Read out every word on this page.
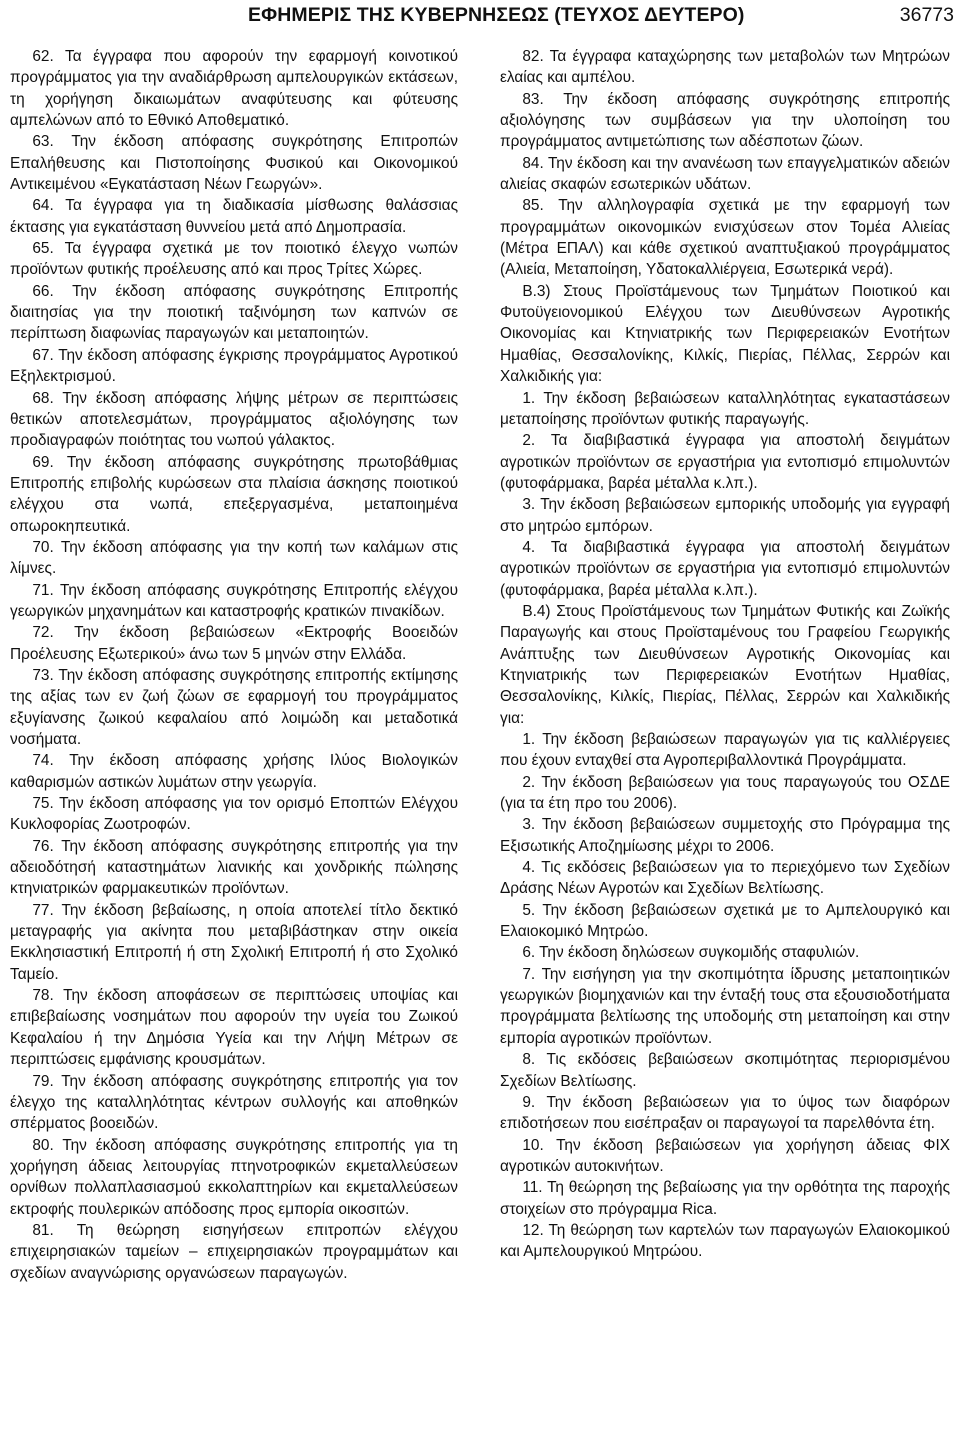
ΕΦΗΜΕΡΙΣ ΤΗΣ ΚΥΒΕΡΝΗΣΕΩΣ (ΤΕΥΧΟΣ ΔΕΥΤΕΡΟ)	36773

62. Τα έγγραφα που αφορούν την εφαρμογή κοινοτικού προγράμματος για την αναδιάρθρωση αμπελουργικών εκτάσεων, τη χορήγηση δικαιωμάτων αναφύτευσης και φύτευσης αμπελώνων από το Εθνικό Αποθεματικό.

63. Την έκδοση απόφασης συγκρότησης Επιτροπών Επαλήθευσης και Πιστοποίησης Φυσικού και Οικονομικού Αντικειμένου «Εγκατάσταση Νέων Γεωργών».

64. Τα έγγραφα για τη διαδικασία μίσθωσης θαλάσσιας έκτασης για εγκατάσταση θυννείου μετά από Δημοπρασία.

65. Τα έγγραφα σχετικά με τον ποιοτικό έλεγχο νωπών προϊόντων φυτικής προέλευσης από και προς Τρίτες Χώρες.

66. Την έκδοση απόφασης συγκρότησης Επιτροπής διαιτησίας για την ποιοτική ταξινόμηση των καπνών σε περίπτωση διαφωνίας παραγωγών και μεταποιητών.

67. Την έκδοση απόφασης έγκρισης προγράμματος Αγροτικού Εξηλεκτρισμού.

68. Την έκδοση απόφασης λήψης μέτρων σε περιπτώσεις θετικών αποτελεσμάτων, προγράμματος αξιολόγησης των προδιαγραφών ποιότητας του νωπού γάλακτος.

69. Την έκδοση απόφασης συγκρότησης πρωτοβάθμιας Επιτροπής επιβολής κυρώσεων στα πλαίσια άσκησης ποιοτικού ελέγχου στα νωπά, επεξεργασμένα, μεταποιημένα οπωροκηπευτικά.

70. Την έκδοση απόφασης για την κοπή των καλάμων στις λίμνες.

71. Την έκδοση απόφασης συγκρότησης Επιτροπής ελέγχου γεωργικών μηχανημάτων και καταστροφής κρατικών πινακίδων.

72. Την έκδοση βεβαιώσεων «Εκτροφής Βοοειδών Προέλευσης Εξωτερικού» άνω των 5 μηνών στην Ελλάδα.

73. Την έκδοση απόφασης συγκρότησης επιτροπής εκτίμησης της αξίας των εν ζωή ζώων σε εφαρμογή του προγράμματος εξυγίανσης ζωικού κεφαλαίου από λοιμώδη και μεταδοτικά νοσήματα.

74. Την έκδοση απόφασης χρήσης Ιλύος Βιολογικών καθαρισμών αστικών λυμάτων στην γεωργία.

75. Την έκδοση απόφασης για τον ορισμό Εποπτών Ελέγχου Κυκλοφορίας Ζωοτροφών.

76. Την έκδοση απόφασης συγκρότησης επιτροπής για την αδειοδότησή καταστημάτων λιανικής και χονδρικής πώλησης κτηνιατρικών φαρμακευτικών προϊόντων.

77. Την έκδοση βεβαίωσης, η οποία αποτελεί τίτλο δεκτικό μεταγραφής για ακίνητα που μεταβιβάστηκαν στην οικεία Εκκλησιαστική Επιτροπή ή στη Σχολική Επιτροπή ή στο Σχολικό Ταμείο.

78. Την έκδοση αποφάσεων σε περιπτώσεις υποψίας και επιβεβαίωσης νοσημάτων που αφορούν την υγεία του Ζωικού Κεφαλαίου ή την Δημόσια Υγεία και την Λήψη Μέτρων σε περιπτώσεις εμφάνισης κρουσμάτων.

79. Την έκδοση απόφασης συγκρότησης επιτροπής για τον έλεγχο της καταλληλότητας κέντρων συλλογής και αποθηκών σπέρματος βοοειδών.

80. Την έκδοση απόφασης συγκρότησης επιτροπής για τη χορήγηση άδειας λειτουργίας πτηνοτροφικών εκμεταλλεύσεων ορνίθων πολλαπλασιασμού εκκολαπτηρίων και εκμεταλλεύσεων εκτροφής πουλερικών απόδοσης προς εμπορία οικοσιτών.

81. Τη θεώρηση εισηγήσεων επιτροπών ελέγχου επιχειρησιακών ταμείων – επιχειρησιακών προγραμμάτων και σχεδίων αναγνώρισης οργανώσεων παραγωγών.

82. Τα έγγραφα καταχώρησης των μεταβολών των Μητρώων ελαίας και αμπέλου.

83. Την έκδοση απόφασης συγκρότησης επιτροπής αξιολόγησης των συμβάσεων για την υλοποίηση του προγράμματος αντιμετώπισης των αδέσποτων ζώων.

84. Την έκδοση και την ανανέωση των επαγγελματικών αδειών αλιείας σκαφών εσωτερικών υδάτων.

85. Την αλληλογραφία σχετικά με την εφαρμογή των προγραμμάτων οικονομικών ενισχύσεων στον Τομέα Αλιείας (Μέτρα ΕΠΑΛ) και κάθε σχετικού αναπτυξιακού προγράμματος (Αλιεία, Μεταποίηση, Υδατοκαλλιέργεια, Εσωτερικά νερά).

Β.3) Στους Προϊστάμενους των Τμημάτων Ποιοτικού και Φυτοϋγειονομικού Ελέγχου των Διευθύνσεων Αγροτικής Οικονομίας και Κτηνιατρικής των Περιφερειακών Ενοτήτων Ημαθίας, Θεσσαλονίκης, Κιλκίς, Πιερίας, Πέλλας, Σερρών και Χαλκιδικής για:

1. Την έκδοση βεβαιώσεων καταλληλότητας εγκαταστάσεων μεταποίησης προϊόντων φυτικής παραγωγής.

2. Τα διαβιβαστικά έγγραφα για αποστολή δειγμάτων αγροτικών προϊόντων σε εργαστήρια για εντοπισμό επιμολυντών (φυτοφάρμακα, βαρέα μέταλλα κ.λπ.).

3. Την έκδοση βεβαιώσεων εμπορικής υποδομής για εγγραφή στο μητρώο εμπόρων.

4. Τα διαβιβαστικά έγγραφα για αποστολή δειγμάτων αγροτικών προϊόντων σε εργαστήρια για εντοπισμό επιμολυντών (φυτοφάρμακα, βαρέα μέταλλα κ.λπ.).

Β.4) Στους Προϊστάμενους των Τμημάτων Φυτικής και Ζωϊκής Παραγωγής και στους Προϊσταμένους του Γραφείου Γεωργικής Ανάπτυξης των Διευθύνσεων Αγροτικής Οικονομίας και Κτηνιατρικής των Περιφερειακών Ενοτήτων Ημαθίας, Θεσσαλονίκης, Κιλκίς, Πιερίας, Πέλλας, Σερρών και Χαλκιδικής για:

1. Την έκδοση βεβαιώσεων παραγωγών για τις καλλιέργειες που έχουν ενταχθεί στα Αγροπεριβαλλοντικά Προγράμματα.

2. Την έκδοση βεβαιώσεων για τους παραγωγούς του ΟΣΔΕ (για τα έτη προ του 2006).

3. Την έκδοση βεβαιώσεων συμμετοχής στο Πρόγραμμα της Εξισωτικής Αποζημίωσης μέχρι το 2006.

4. Τις εκδόσεις βεβαιώσεων για το περιεχόμενο των Σχεδίων Δράσης Νέων Αγροτών και Σχεδίων Βελτίωσης.

5. Την έκδοση βεβαιώσεων σχετικά με το Αμπελουργικό και Ελαιοκομικό Μητρώο.

6. Την έκδοση δηλώσεων συγκομιδής σταφυλιών.

7. Την εισήγηση για την σκοπιμότητα ίδρυσης μεταποιητικών γεωργικών βιομηχανιών και την ένταξή τους στα εξουσιοδοτήματα προγράμματα βελτίωσης της υποδομής στη μεταποίηση και στην εμπορία αγροτικών προϊόντων.

8. Τις εκδόσεις βεβαιώσεων σκοπιμότητας περιορισμένου Σχεδίων Βελτίωσης.

9. Την έκδοση βεβαιώσεων για το ύψος των διαφόρων επιδοτήσεων που εισέπραξαν οι παραγωγοί τα παρελθόντα έτη.

10. Την έκδοση βεβαιώσεων για χορήγηση άδειας ΦΙΧ αγροτικών αυτοκινήτων.

11. Τη θεώρηση της βεβαίωσης για την ορθότητα της παροχής στοιχείων στο πρόγραμμα Rica.

12. Τη θεώρηση των καρτελών των παραγωγών Ελαιοκομικού και Αμπελουργικού Μητρώου.
